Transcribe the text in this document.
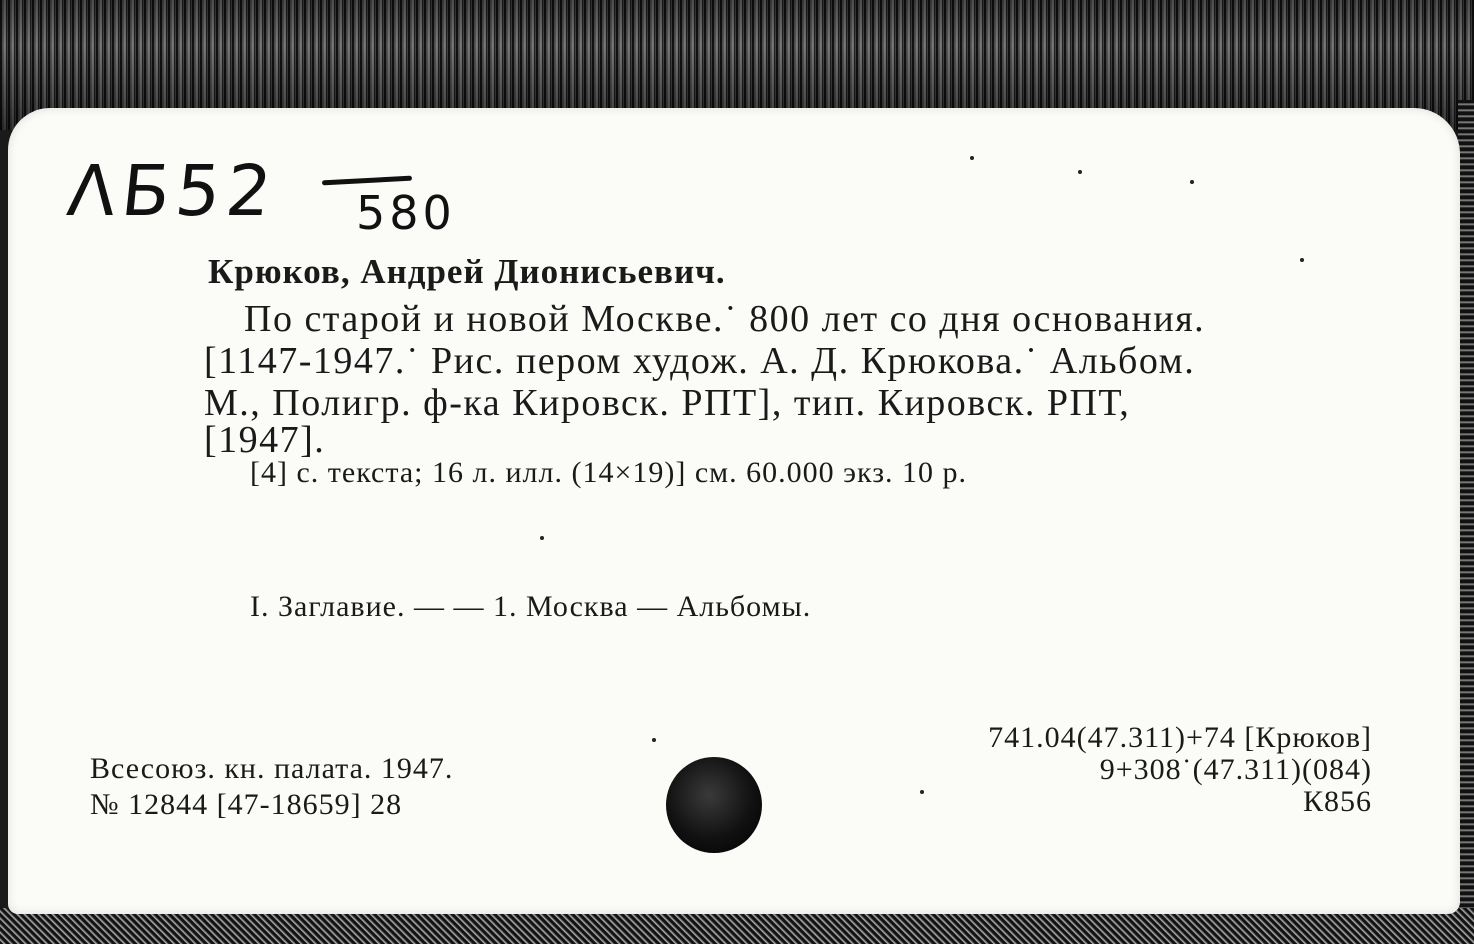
ΛБ52 580
Крюков, Андрей Дионисьевич.
По старой и новой Москве.˙ 800 лет со дня основания.
[1147-1947.˙ Рис. пером худож. А. Д. Крюкова.˙ Альбом.
М., Полигр. ф-ка Кировск. РПТ], тип. Кировск. РПТ,
[1947].
[4] с. текста; 16 л. илл. (14×19)] см. 60.000 экз. 10 р.
I. Заглавие. — — 1. Москва — Альбомы.
Всесоюз. кн. палата. 1947.
№ 12844 [47-18659] 28
741.04(47.311)+74 [Крюков]
9+308˙(47.311)(084)
К856
